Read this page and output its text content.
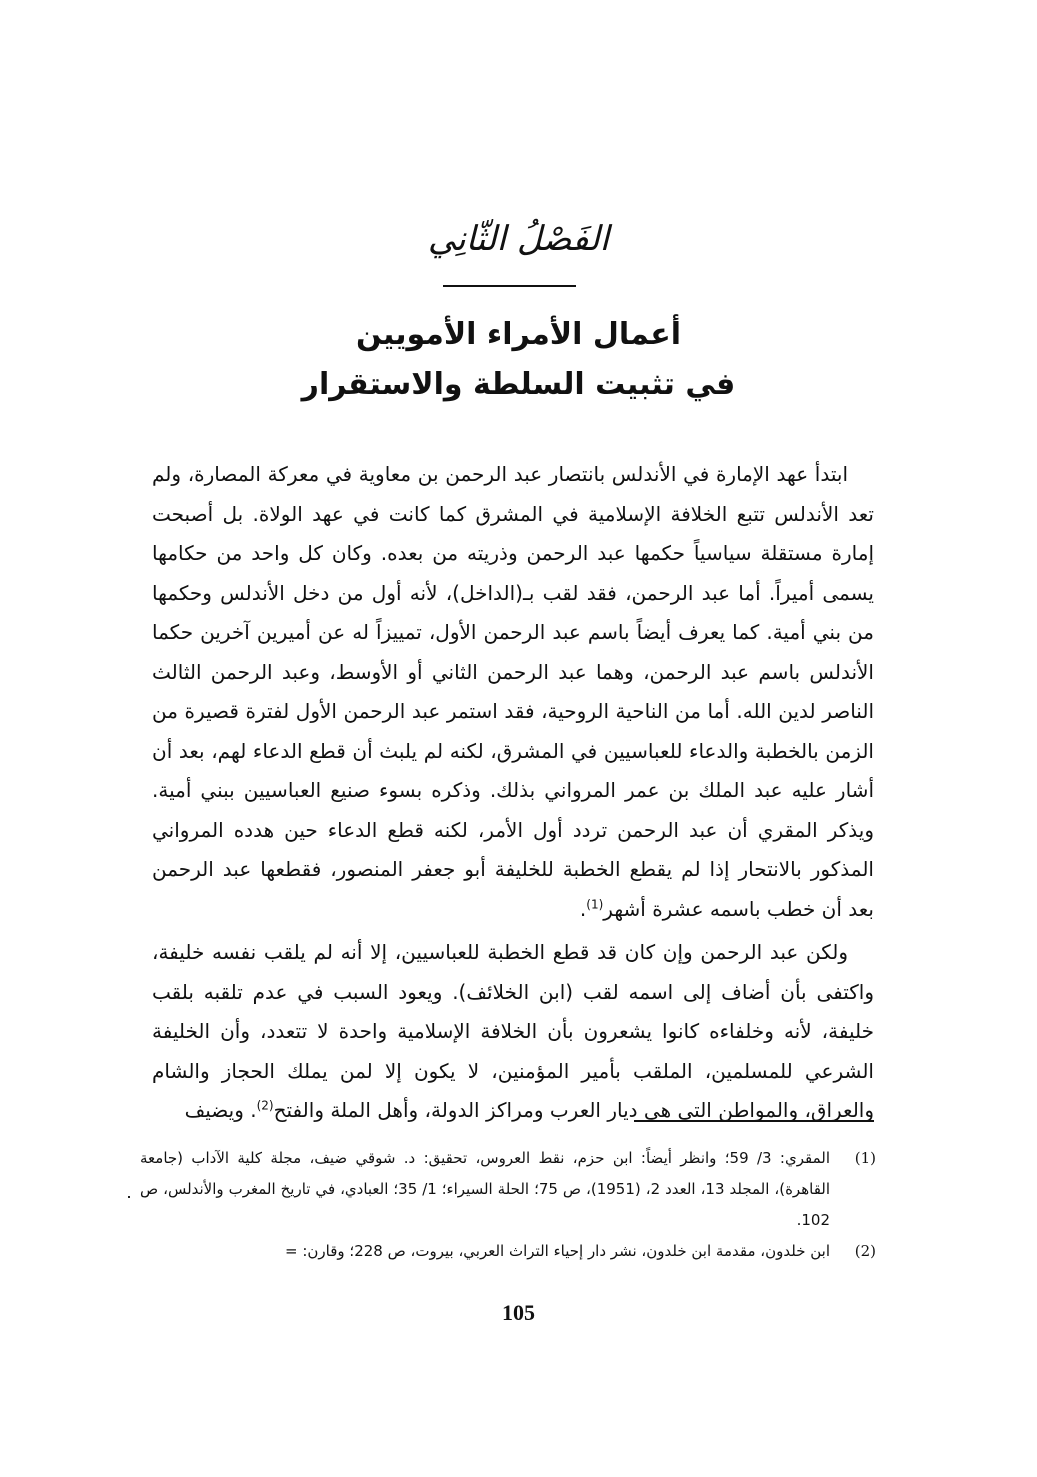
الفَصْلُ الثّانِي
أعمال الأمراء الأمويين
في تثبيت السلطة والاستقرار

ابتدأ عهد الإمارة في الأندلس بانتصار عبد الرحمن بن معاوية في معركة المصارة، ولم تعد الأندلس تتبع الخلافة الإسلامية في المشرق كما كانت في عهد الولاة. بل أصبحت إمارة مستقلة سياسياً حكمها عبد الرحمن وذريته من بعده. وكان كل واحد من حكامها يسمى أميراً. أما عبد الرحمن، فقد لقب بـ(الداخل)، لأنه أول من دخل الأندلس وحكمها من بني أمية. كما يعرف أيضاً باسم عبد الرحمن الأول، تمييزاً له عن أميرين آخرين حكما الأندلس باسم عبد الرحمن، وهما عبد الرحمن الثاني أو الأوسط، وعبد الرحمن الثالث الناصر لدين الله. أما من الناحية الروحية، فقد استمر عبد الرحمن الأول لفترة قصيرة من الزمن بالخطبة والدعاء للعباسيين في المشرق، لكنه لم يلبث أن قطع الدعاء لهم، بعد أن أشار عليه عبد الملك بن عمر المرواني بذلك. وذكره بسوء صنيع العباسيين ببني أمية. ويذكر المقري أن عبد الرحمن تردد أول الأمر، لكنه قطع الدعاء حين هدده المرواني المذكور بالانتحار إذا لم يقطع الخطبة للخليفة أبو جعفر المنصور، فقطعها عبد الرحمن بعد أن خطب باسمه عشرة أشهر$^{(1)}$.

ولكن عبد الرحمن وإن كان قد قطع الخطبة للعباسيين، إلا أنه لم يلقب نفسه خليفة، واكتفى بأن أضاف إلى اسمه لقب (ابن الخلائف). ويعود السبب في عدم تلقبه بلقب خليفة، لأنه وخلفاءه كانوا يشعرون بأن الخلافة الإسلامية واحدة لا تتعدد، وأن الخليفة الشرعي للمسلمين، الملقب بأمير المؤمنين، لا يكون إلا لمن يملك الحجاز والشام والعراق، والمواطن التي هي ديار العرب ومراكز الدولة، وأهل الملة والفتح$^{(2)}$. ويضيف

(1)
المقري: 3/ 59؛ وانظر أيضاً: ابن حزم، نقط العروس، تحقيق: د. شوقي ضيف، مجلة كلية الآداب (جامعة القاهرة)، المجلد 13، العدد 2، (1951)، ص 75؛ الحلة السيراء؛ 1/ 35؛ العبادي، في تاريخ المغرب والأندلس، ص 102.
(2)
ابن خلدون، مقدمة ابن خلدون، نشر دار إحياء التراث العربي، بيروت، ص 228؛ وقارن: =
105
